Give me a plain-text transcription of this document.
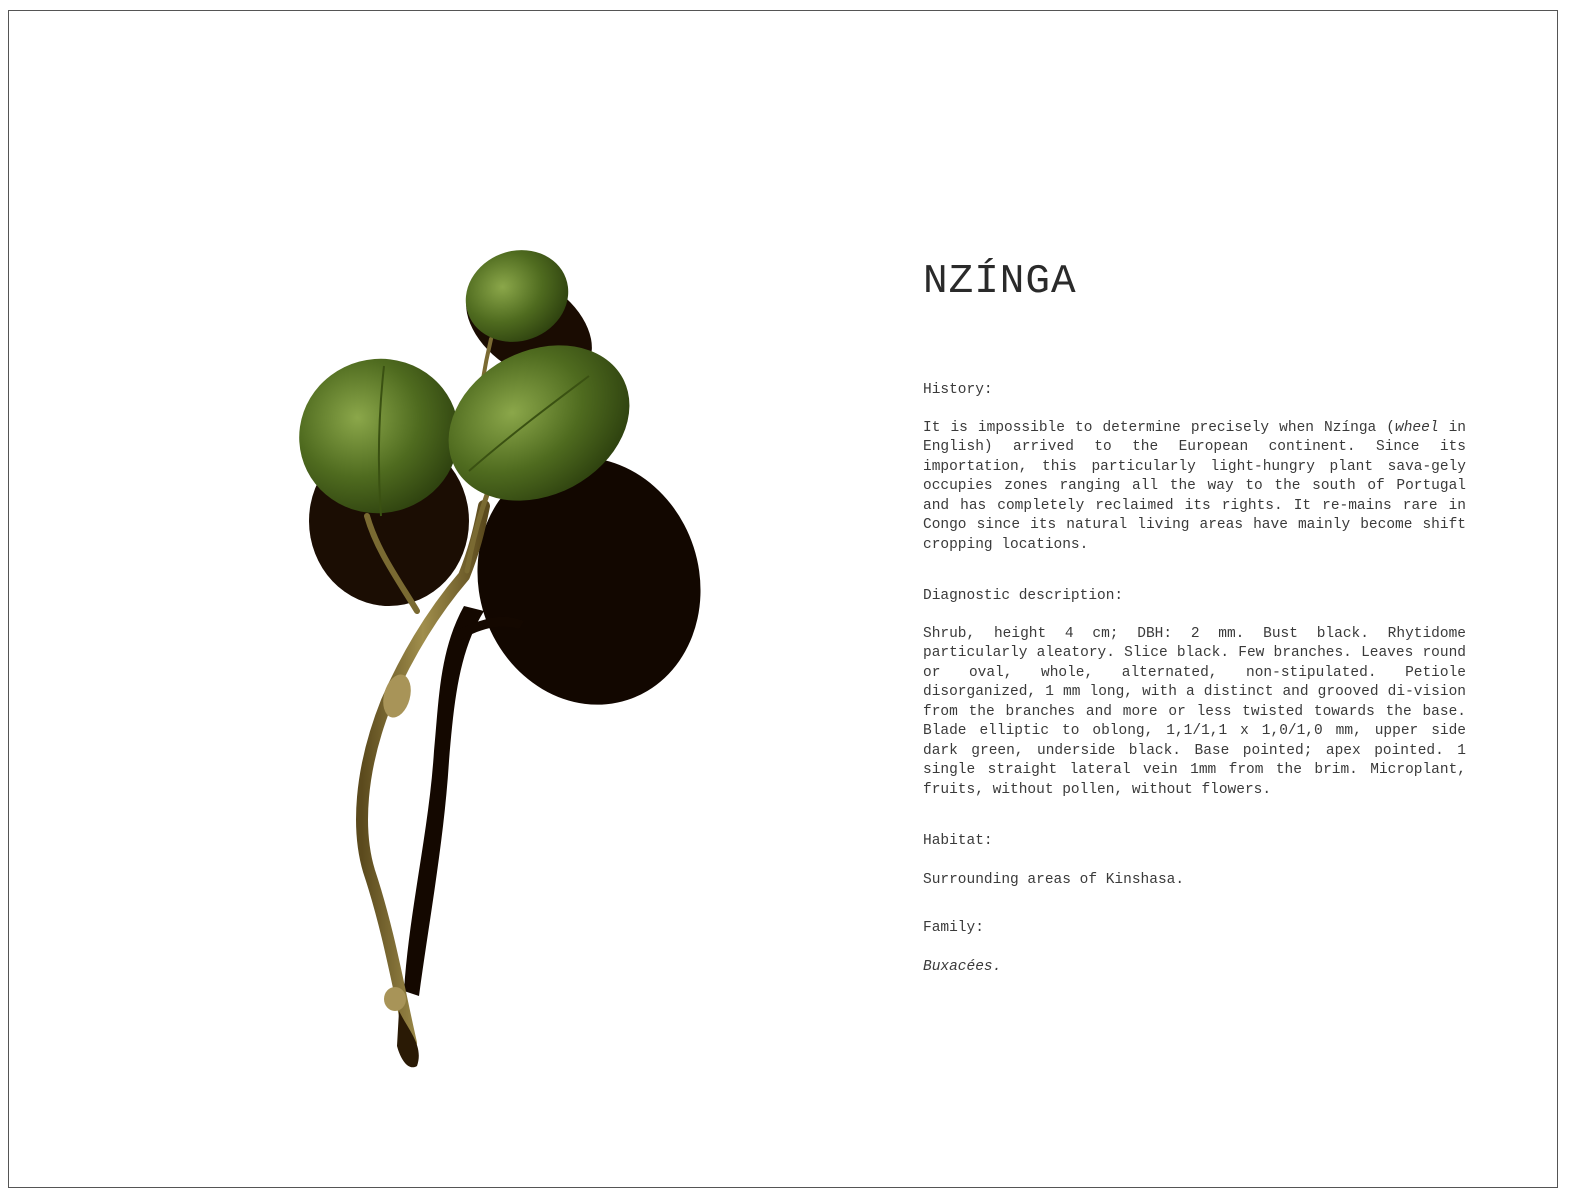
NZÍNGA

History:

It is impossible to determine precisely when Nzínga (wheel in English) arrived to the European continent. Since its importation, this particularly light-hungry plant sava-gely occupies zones ranging all the way to the south of Portugal and has completely reclaimed its rights. It re-mains rare in Congo since its natural living areas have mainly become shift cropping locations.

Diagnostic description:

Shrub, height 4 cm; DBH: 2 mm. Bust black. Rhytidome particularly aleatory. Slice black. Few branches. Leaves round or oval, whole, alternated, non-stipulated. Petiole disorganized, 1 mm long, with a distinct and grooved di-vision from the branches and more or less twisted towards the base. Blade elliptic to oblong, 1,1/1,1 x 1,0/1,0 mm, upper side dark green, underside black. Base pointed; apex pointed. 1 single straight lateral vein 1mm from the brim. Microplant, fruits, without pollen, without flowers.

Habitat:

Surrounding areas of Kinshasa.

Family:

Buxacées.
